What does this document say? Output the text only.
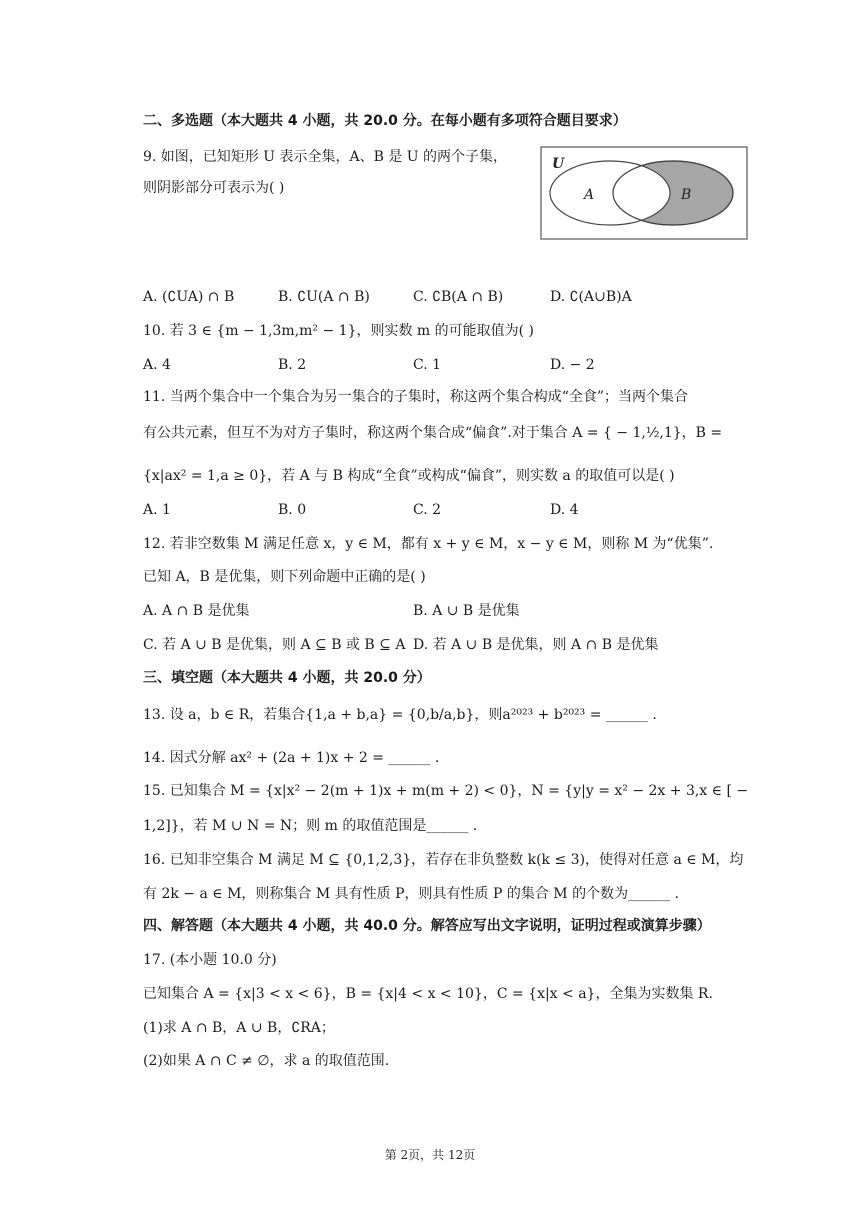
二、多选题（本大题共 4 小题，共 20.0 分。在每小题有多项符合题目要求）
9. 如图，已知矩形 U 表示全集，A、B 是 U 的两个子集，
则阴影部分可表示为( )
U
A	B
A. (∁UA) ∩ B	B. ∁U(A ∩ B)	C. ∁B(A ∩ B)	D. ∁(A∪B)A
10. 若 3 ∈ {m − 1,3m,m² − 1}，则实数 m 的可能取值为( )
A. 4	B. 2	C. 1	D. − 2
11. 当两个集合中一个集合为另一集合的子集时，称这两个集合构成“全食”；当两个集合
有公共元素，但互不为对方子集时，称这两个集合成“偏食”.对于集合 A = { − 1,½,1}，B =
{x|ax² = 1,a ≥ 0}，若 A 与 B 构成“全食”或构成“偏食”，则实数 a 的取值可以是( )
A. 1	B. 0	C. 2	D. 4
12. 若非空数集 M 满足任意 x，y ∈ M，都有 x + y ∈ M，x − y ∈ M，则称 M 为“优集”.
已知 A，B 是优集，则下列命题中正确的是( )
A. A ∩ B 是优集	B. A ∪ B 是优集
C. 若 A ∪ B 是优集，则 A ⊆ B 或 B ⊆ A D. 若 A ∪ B 是优集，则 A ∩ B 是优集
三、填空题（本大题共 4 小题，共 20.0 分）
13. 设 a，b ∈ R，若集合{1,a + b,a} = {0,b/a,b}，则a²⁰²³ + b²⁰²³ = ______ .
14. 因式分解 ax² + (2a + 1)x + 2 = ______ .
15. 已知集合 M = {x|x² − 2(m + 1)x + m(m + 2) < 0}，N = {y|y = x² − 2x + 3,x ∈ [ −
1,2]}，若 M ∪ N = N；则 m 的取值范围是______ .
16. 已知非空集合 M 满足 M ⊆ {0,1,2,3}，若存在非负整数 k(k ≤ 3)，使得对任意 a ∈ M，均
有 2k − a ∈ M，则称集合 M 具有性质 P，则具有性质 P 的集合 M 的个数为______ .
四、解答题（本大题共 4 小题，共 40.0 分。解答应写出文字说明，证明过程或演算步骤）
17. (本小题 10.0 分)
已知集合 A = {x|3 < x < 6}，B = {x|4 < x < 10}，C = {x|x < a}，全集为实数集 R.
(1)求 A ∩ B，A ∪ B，∁RA；
(2)如果 A ∩ C ≠ ∅，求 a 的取值范围.
第 2页，共 12页
